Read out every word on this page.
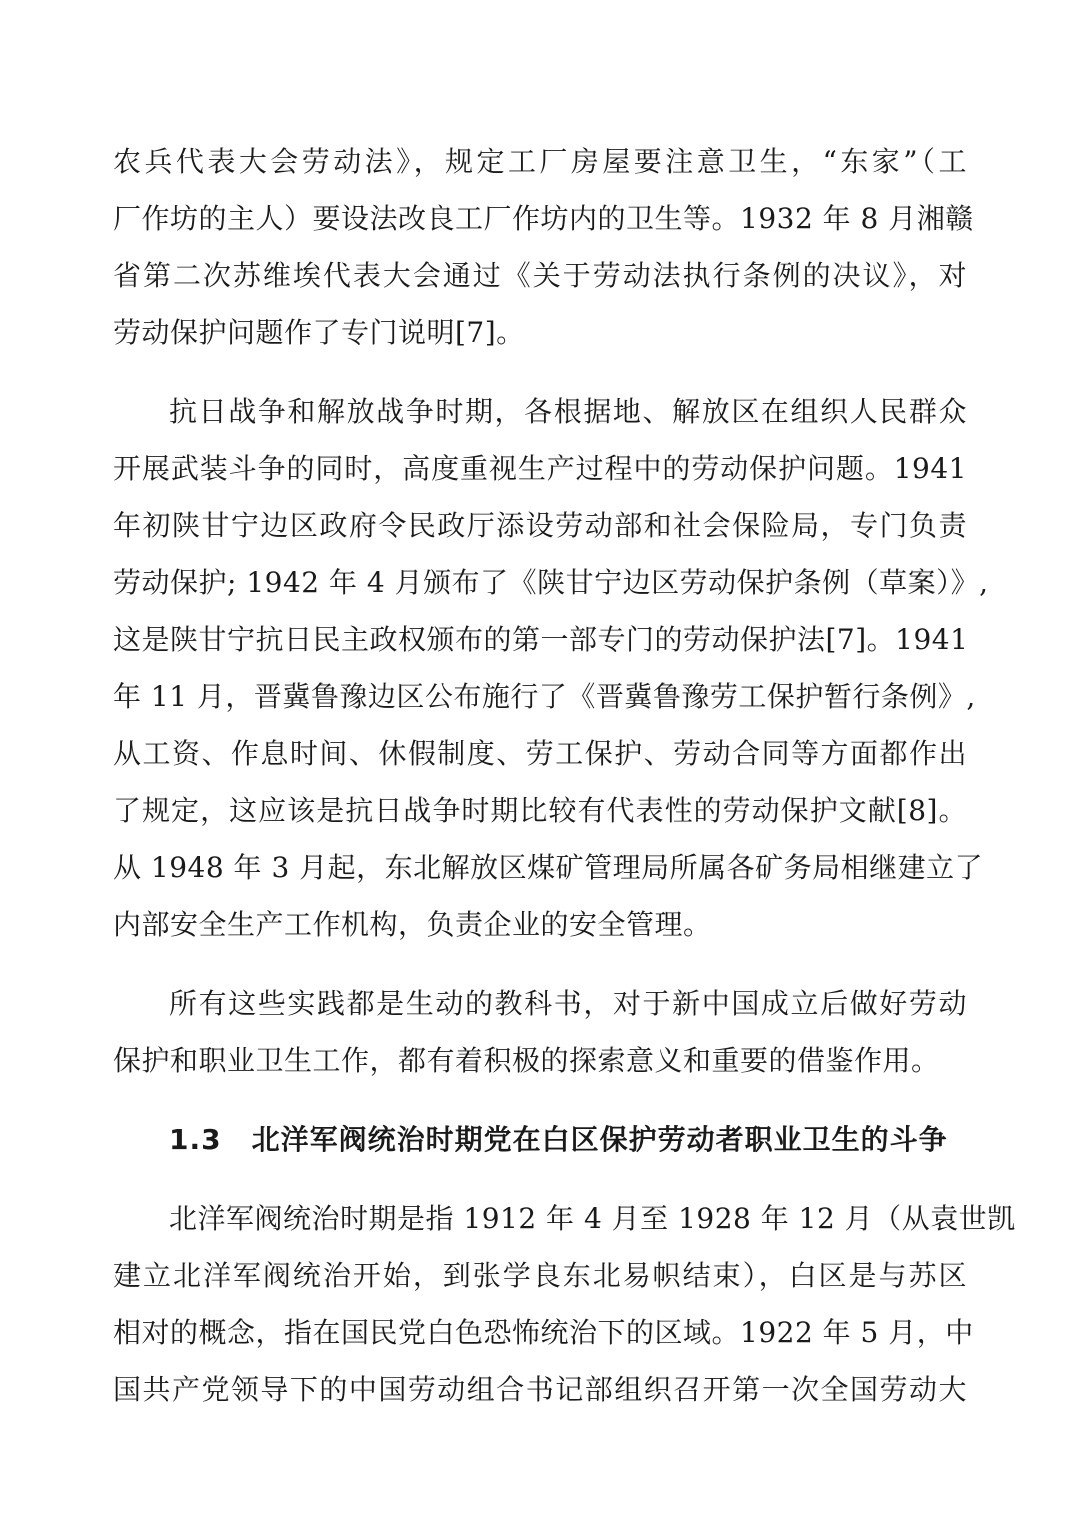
农兵代表大会劳动法》，规定工厂房屋要注意卫生，“东家”（工
厂作坊的主人）要设法改良工厂作坊内的卫生等。1932 年 8 月湘赣
省第二次苏维埃代表大会通过《关于劳动法执行条例的决议》，对
劳动保护问题作了专门说明[7]。
抗日战争和解放战争时期，各根据地、解放区在组织人民群众
开展武装斗争的同时，高度重视生产过程中的劳动保护问题。1941
年初陕甘宁边区政府令民政厅添设劳动部和社会保险局，专门负责
劳动保护; 1942 年 4 月颁布了《陕甘宁边区劳动保护条例（草案）》,
这是陕甘宁抗日民主政权颁布的第一部专门的劳动保护法[7]。1941
年 11 月，晋冀鲁豫边区公布施行了《晋冀鲁豫劳工保护暂行条例》,
从工资、作息时间、休假制度、劳工保护、劳动合同等方面都作出
了规定，这应该是抗日战争时期比较有代表性的劳动保护文献[8]。
从 1948 年 3 月起，东北解放区煤矿管理局所属各矿务局相继建立了
内部安全生产工作机构，负责企业的安全管理。
所有这些实践都是生动的教科书，对于新中国成立后做好劳动
保护和职业卫生工作，都有着积极的探索意义和重要的借鉴作用。
1.3 北洋军阀统治时期党在白区保护劳动者职业卫生的斗争
北洋军阀统治时期是指 1912 年 4 月至 1928 年 12 月（从袁世凯
建立北洋军阀统治开始，到张学良东北易帜结束），白区是与苏区
相对的概念，指在国民党白色恐怖统治下的区域。1922 年 5 月，中
国共产党领导下的中国劳动组合书记部组织召开第一次全国劳动大
